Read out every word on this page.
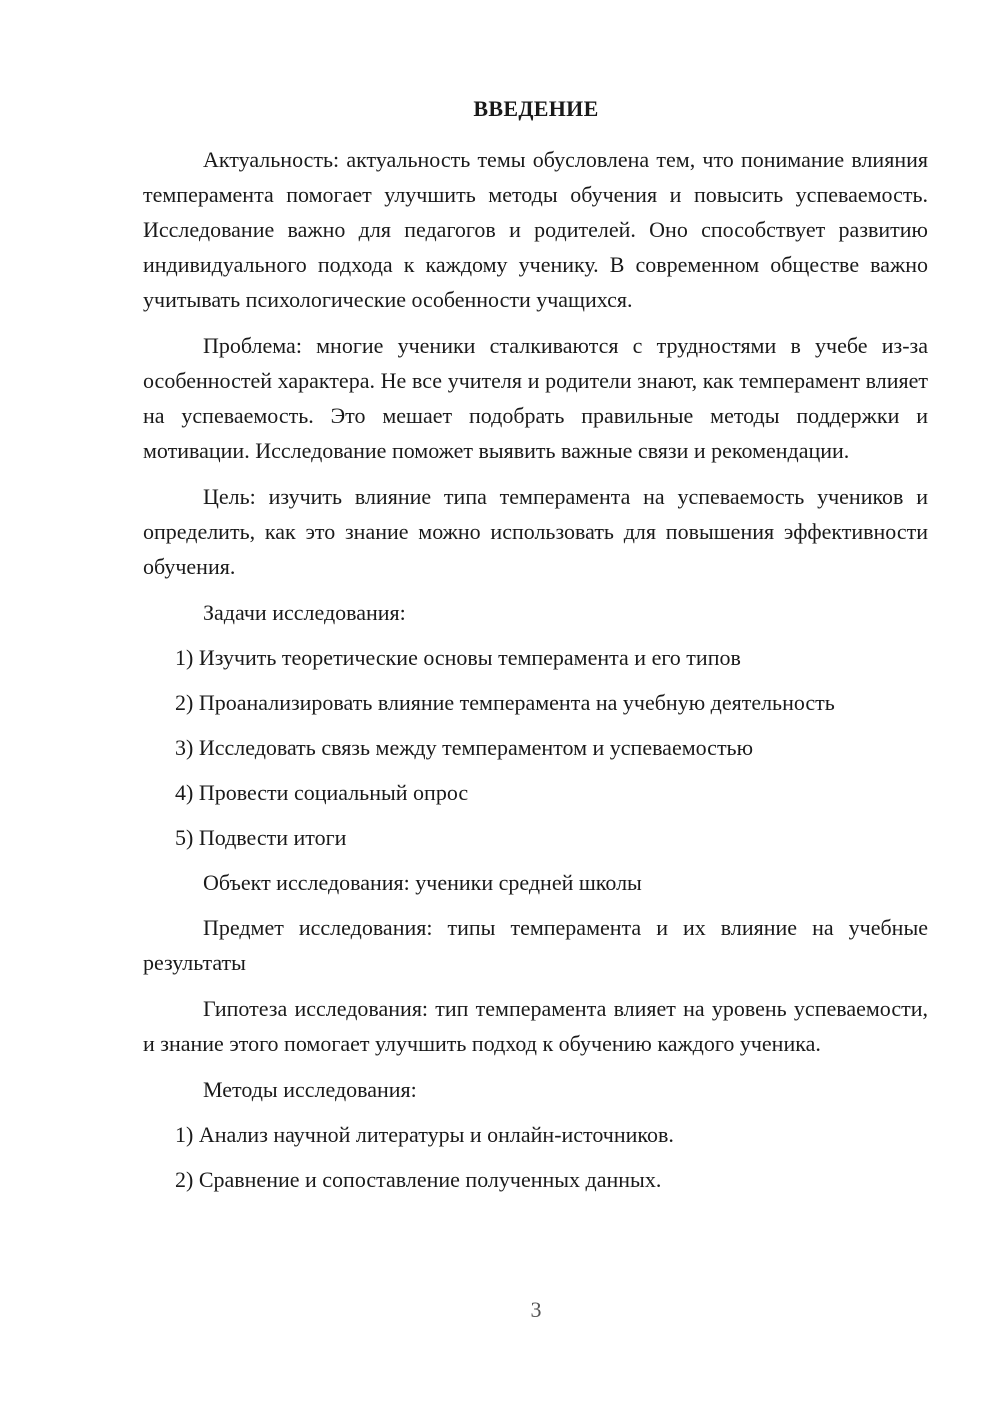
ВВЕДЕНИЕ

Актуальность: актуальность темы обусловлена тем, что понимание влияния темперамента помогает улучшить методы обучения и повысить успеваемость. Исследование важно для педагогов и родителей. Оно способствует развитию индивидуального подхода к каждому ученику. В современном обществе важно учитывать психологические особенности учащихся.

Проблема: многие ученики сталкиваются с трудностями в учебе из-за особенностей характера. Не все учителя и родители знают, как темперамент влияет на успеваемость. Это мешает подобрать правильные методы поддержки и мотивации. Исследование поможет выявить важные связи и рекомендации.

Цель: изучить влияние типа темперамента на успеваемость учеников и определить, как это знание можно использовать для повышения эффективности обучения.

Задачи исследования:

1) Изучить теоретические основы темперамента и его типов
2) Проанализировать влияние темперамента на учебную деятельность
3) Исследовать связь между темпераментом и успеваемостью
4) Провести социальный опрос
5) Подвести итоги

Объект исследования: ученики средней школы

Предмет исследования: типы темперамента и их влияние на учебные результаты

Гипотеза исследования: тип темперамента влияет на уровень успеваемости, и знание этого помогает улучшить подход к обучению каждого ученика.

Методы исследования:

1) Анализ научной литературы и онлайн-источников.
2) Сравнение и сопоставление полученных данных.
3
